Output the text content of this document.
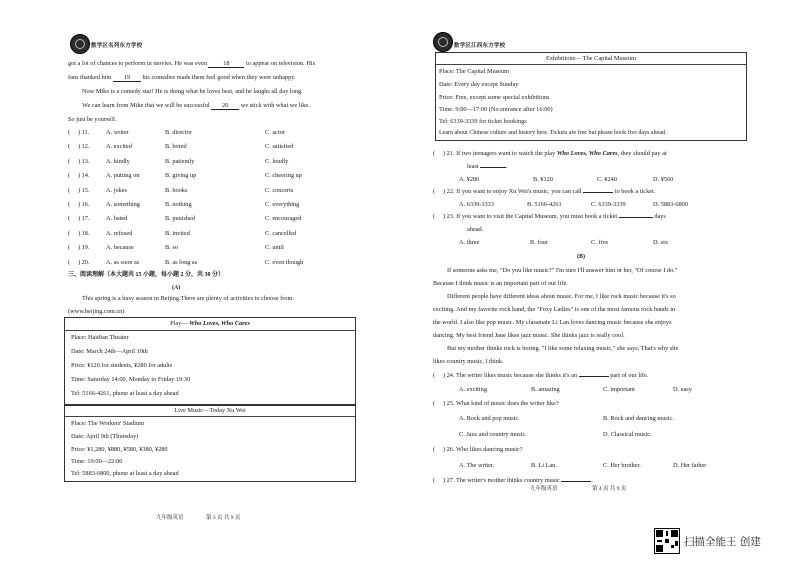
数学区名列东方学校
got a lot of chances to perform in movies. He was even 18 to appear on television. His
fans thanked him 19 his comedies made them feel good when they were unhappy.
Now Mike is a comedy star! He is doing what he loves best, and he laughs all day long.
We can learn from Mike that we will be successful 20 we stick with what we like.
So just be yourself.
(     ) 11.	A. writer	B. director	C. actor
(     ) 12.	A. excited	B. bored	C. satisfied
(     ) 13.	A. kindly	B. patiently	C. loudly
(     ) 14.	A. putting on	B. giving up	C. cheering up
(     ) 15.	A. jokes	B. books	C. concerts
(     ) 16.	A. something	B. nothing	C. everything
(     ) 17.	A. hated	B. punished	C. encouraged
(     ) 18.	A. refused	B. invited	C. cancelled
(     ) 19.	A. because	B. so	C. until
(     ) 20.	A. as soon as	B. as long as	C. even though
三、阅读理解（本大题共 15 小题，每小题 2 分，共 30 分）
(A)
This spring is a busy season in Beijing.There are plenty of activities to choose from.
(www.beijing.com.cn)
Play— Who Loves, Who Cares
Place: Haidian Theater
Date: March 24th—April 19th
Price: ¥120 for students, ¥280 for adults
Time: Saturday 14:00, Monday to Friday 19:30
Tel: 5166-4261, phone at least a day ahead
Live Music—Today Xu Wei
Place: The Workers' Stadium
Date: April 9th (Thursday)
Price: ¥1,280, ¥880, ¥580, ¥380, ¥280
Time: 19:00—22:00
Tel: 5883-6800, phone at least a day ahead
九年级英语	第 3 页 共 9 页
数学区江西东方学校
Exhibitions— The Capital Museum
Place: The Capital Museum
Date: Every day except Sunday
Price: Free, except some special exhibitions
Time: 9:00—17:00 (No entrance after 16:00)
Tel: 6339-3339 for ticket bookings
Learn about Chinese culture and history here. Tickets are free but please book five days ahead.
(     ) 21. If two teenagers want to watch the play Who Loves, Who Cares, they should pay at
least	.
A. ¥280	B. ¥120	C. ¥240	D. ¥560
(     ) 22. If you want to enjoy Xu Wei's music, you can call	to book a ticket.
A. 6339-3333	B. 5166-4261	C. 6339-3339	D. 5883-6800
(     ) 23. If you want to visit the Capital Museum, you must book a ticket	days
ahead.
A. three	B. four	C. five	D. six
(B)
If someone asks me, "Do you like music?" I'm sure I'll answer him or her, "Of course I do."
Because I think music is an important part of our life.
Different people have different ideas about music. For me, I like rock music because it's so
exciting. And my favorite rock band, the "Foxy Ladies" is one of the most famous rock bands in
the world. I also like pop music. My classmate Li Lan loves dancing music because she enjoys
dancing. My best friend Jane likes jazz music. She thinks jazz is really cool.
But my mother thinks rock is boring. "I like some relaxing music," she says. That's why she
likes country music, I think.
(     ) 24. The writer likes music because she thinks it's an	part of our life.
A. exciting	B. amazing	C. important	D. easy
(     ) 25. What kind of music does the writer like?
A. Rock and pop music.	B. Rock and dancing music.
C. Jazz and country music.	D. Classical music.
(     ) 26. Who likes dancing music?
A. The writer.	B. Li Lan.	C. Her brother.	D. Her father
(     ) 27. The writer's mother thinks country music	.
九年级英语	第 4 页 共 9 页
扫描全能王 创建
